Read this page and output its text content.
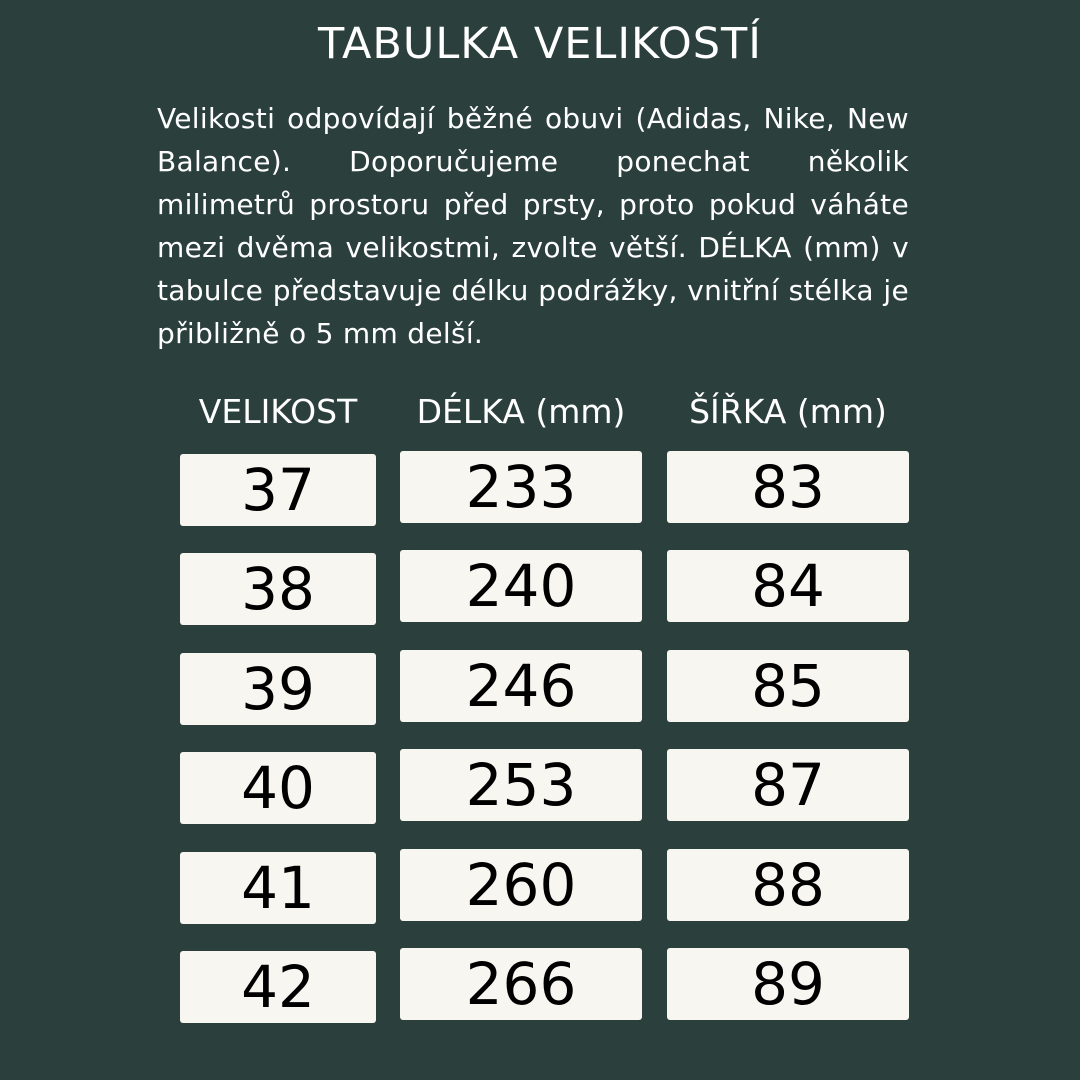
TABULKA VELIKOSTÍ
Velikosti odpovídají běžné obuvi (Adidas, Nike, New Balance). Doporučujeme ponechat několik milimetrů prostoru před prsty, proto pokud váháte mezi dvěma velikostmi, zvolte větší. DÉLKA (mm) v tabulce představuje délku podrážky, vnitřní stélka je přibližně o 5 mm delší.
VELIKOST	DÉLKA (mm)	ŠÍŘKA (mm)
37	233	83
38	240	84
39	246	85
40	253	87
41	260	88
42	266	89
